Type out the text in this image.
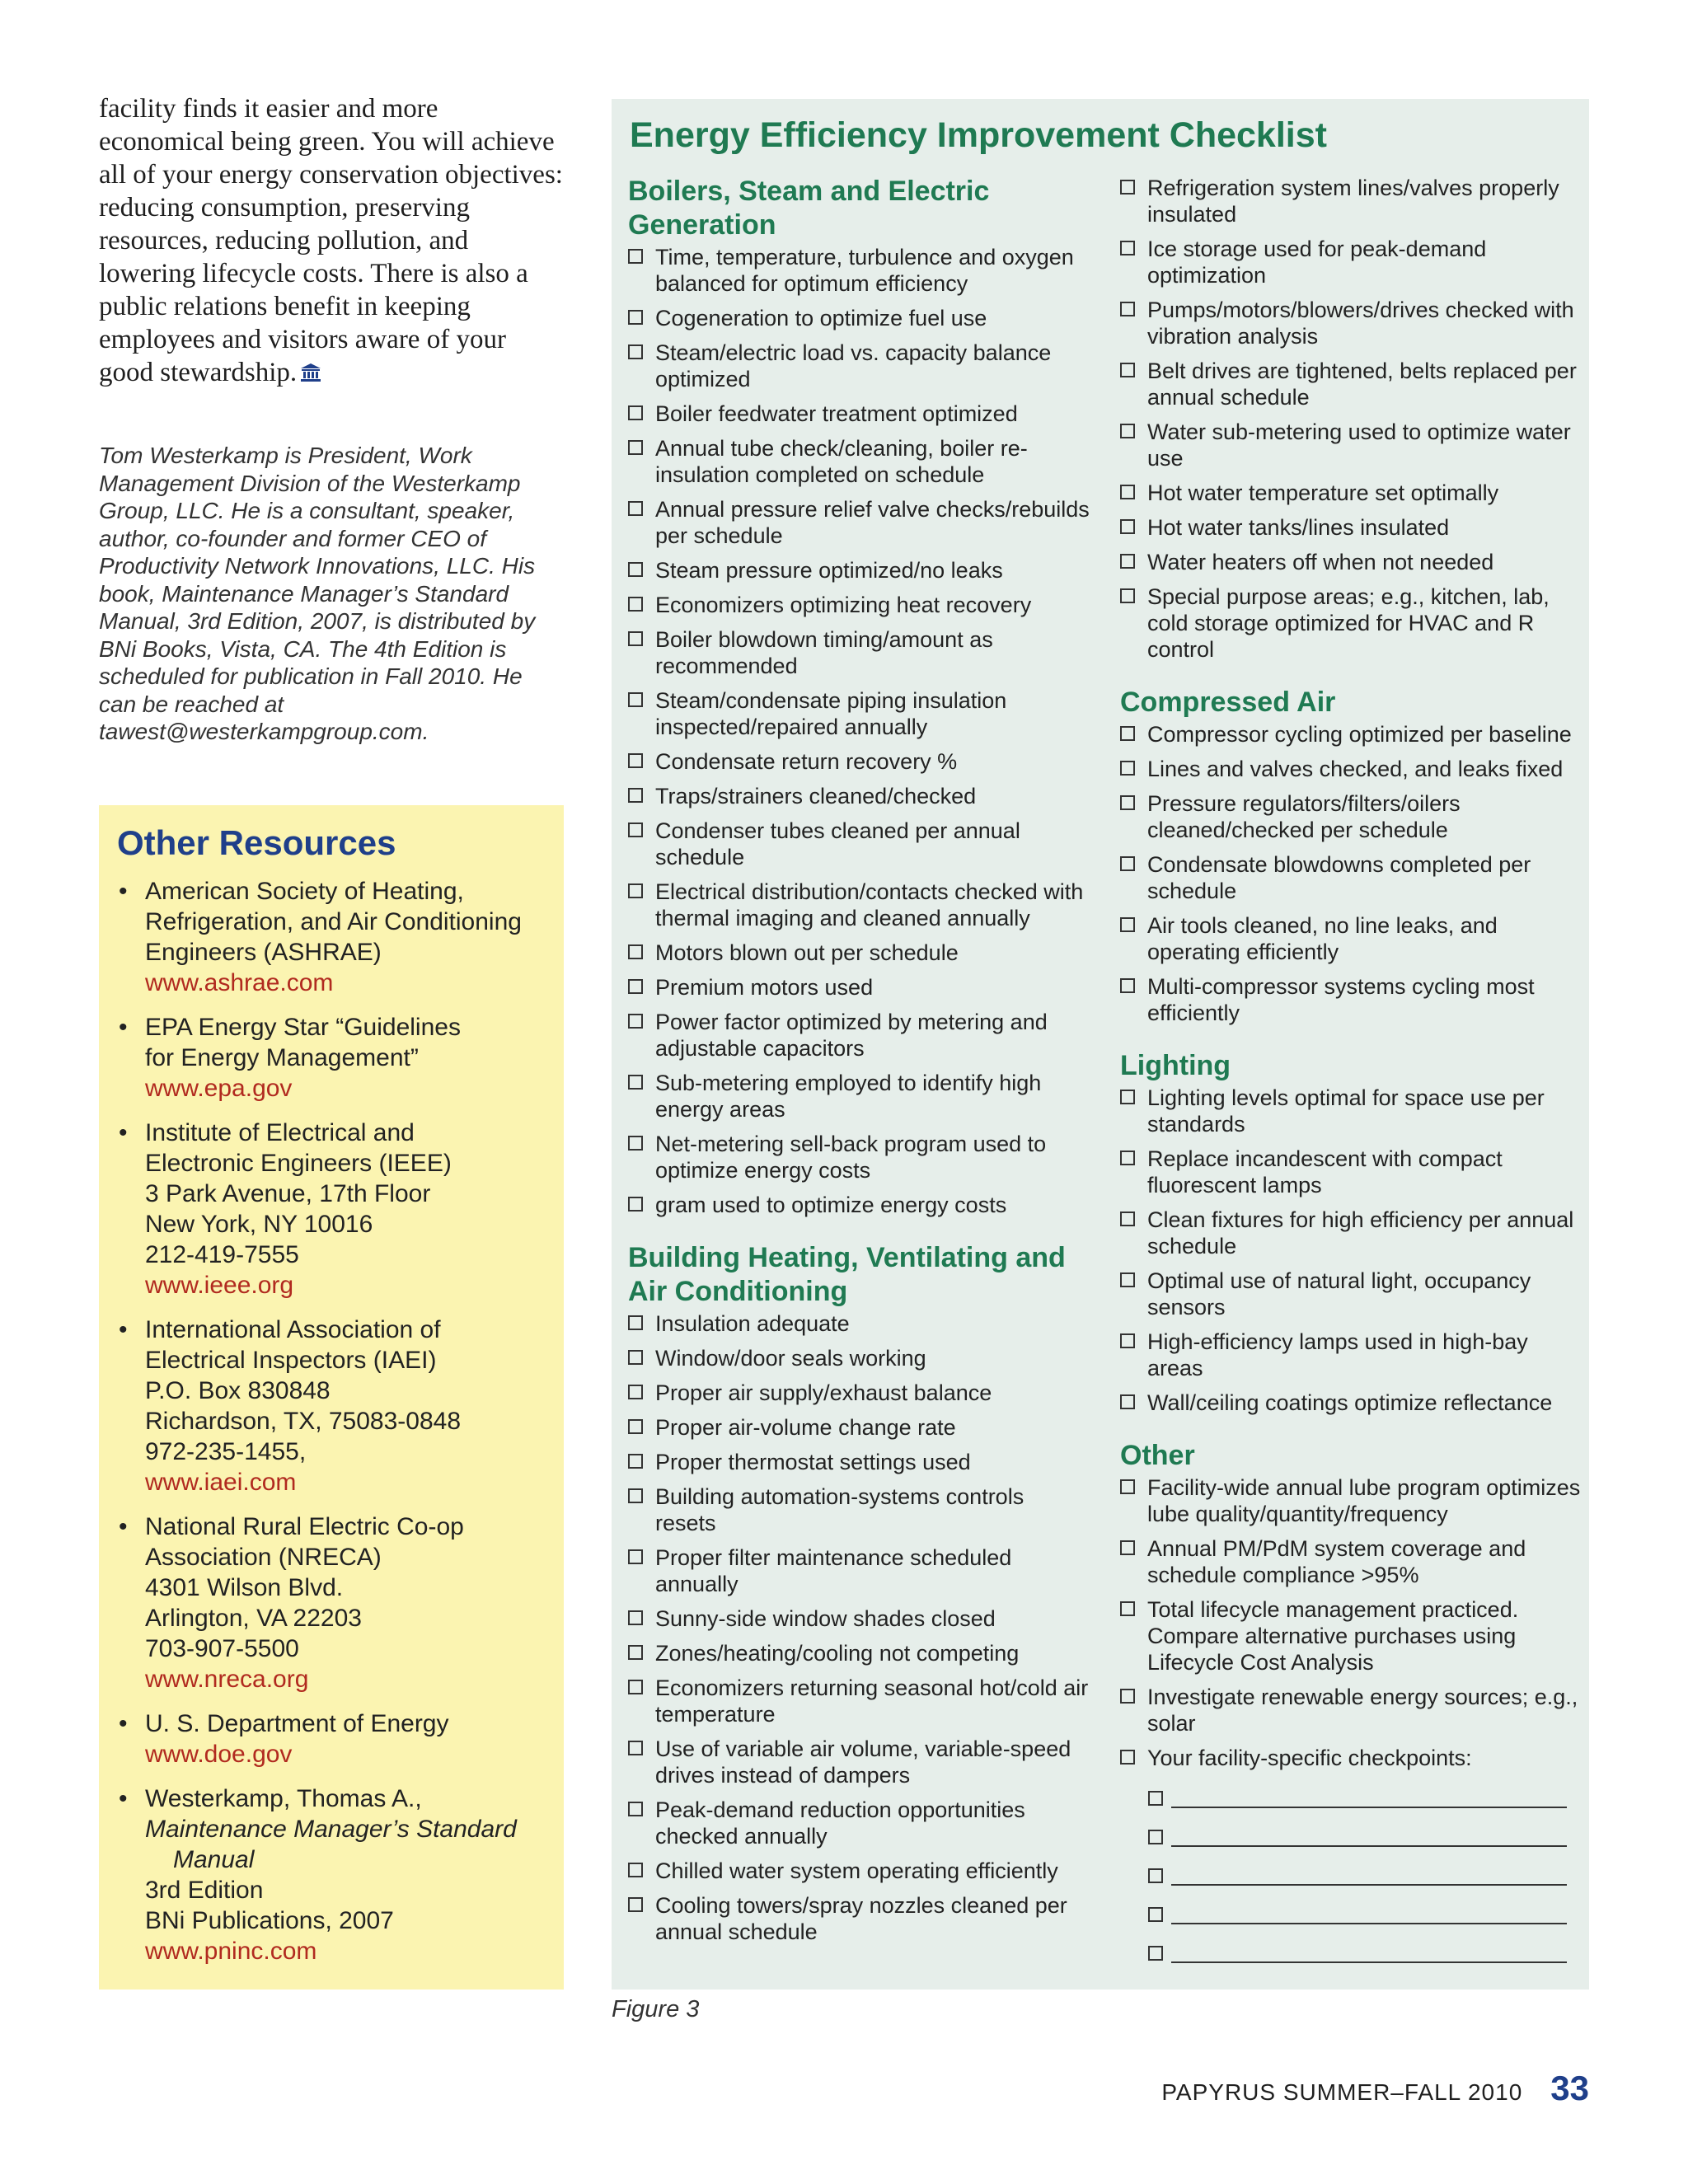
facility finds it easier and more economical being green. You will achieve all of your energy conservation objectives: reducing consumption, preserving resources, reducing pollution, and lowering lifecycle costs. There is also a public relations benefit in keeping employees and visitors aware of your good stewardship.

Tom Westerkamp is President, Work Management Division of the Westerkamp Group, LLC. He is a consultant, speaker, author, co-founder and former CEO of Productivity Network Innovations, LLC. His book, Maintenance Manager’s Standard Manual, 3rd Edition, 2007, is distributed by BNi Books, Vista, CA. The 4th Edition is scheduled for publication in Fall 2010. He can be reached at tawest@westerkampgroup.com.

Other Resources
• American Society of Heating,
Refrigeration, and Air Conditioning
Engineers (ASHRAE)
www.ashrae.com
• EPA Energy Star “Guidelines
for Energy Management”
www.epa.gov
• Institute of Electrical and
Electronic Engineers (IEEE)
3 Park Avenue, 17th Floor
New York, NY 10016
212-419-7555
www.ieee.org
• International Association of
Electrical Inspectors (IAEI)
P.O. Box 830848
Richardson, TX, 75083-0848
972-235-1455,
www.iaei.com
• National Rural Electric Co-op
Association (NRECA)
4301 Wilson Blvd.
Arlington, VA 22203
703-907-5500
www.nreca.org
• U. S. Department of Energy
www.doe.gov
• Westerkamp, Thomas A.,
Maintenance Manager’s Standard
Manual
3rd Edition
BNi Publications, 2007
www.pninc.com
Energy Efficiency Improvement Checklist
Boilers, Steam and Electric Generation
Time, temperature, turbulence and oxygen balanced for optimum efficiency
Cogeneration to optimize fuel use
Steam/electric load vs. capacity balance optimized
Boiler feedwater treatment optimized
Annual tube check/cleaning, boiler re-insulation completed on schedule
Annual pressure relief valve checks/rebuilds per schedule
Steam pressure optimized/no leaks
Economizers optimizing heat recovery
Boiler blowdown timing/amount as recommended
Steam/condensate piping insulation inspected/repaired annually
Condensate return recovery %
Traps/strainers cleaned/checked
Condenser tubes cleaned per annual schedule
Electrical distribution/contacts checked with thermal imaging and cleaned annually
Motors blown out per schedule
Premium motors used
Power factor optimized by metering and adjustable capacitors
Sub-metering employed to identify high energy areas
Net-metering sell-back program used to optimize energy costs
gram used to optimize energy costs
Building Heating, Ventilating and Air Conditioning
Insulation adequate
Window/door seals working
Proper air supply/exhaust balance
Proper air-volume change rate
Proper thermostat settings used
Building automation-systems controls resets
Proper filter maintenance scheduled annually
Sunny-side window shades closed
Zones/heating/cooling not competing
Economizers returning seasonal hot/cold air temperature
Use of variable air volume, variable-speed drives instead of dampers
Peak-demand reduction opportunities checked annually
Chilled water system operating efficiently
Cooling towers/spray nozzles cleaned per annual schedule
Refrigeration system lines/valves properly insulated
Ice storage used for peak-demand optimization
Pumps/motors/blowers/drives checked with vibration analysis
Belt drives are tightened, belts replaced per annual schedule
Water sub-metering used to optimize water use
Hot water temperature set optimally
Hot water tanks/lines insulated
Water heaters off when not needed
Special purpose areas; e.g., kitchen, lab, cold storage optimized for HVAC and R control
Compressed Air
Compressor cycling optimized per baseline
Lines and valves checked, and leaks fixed
Pressure regulators/filters/oilers cleaned/checked per schedule
Condensate blowdowns completed per schedule
Air tools cleaned, no line leaks, and operating efficiently
Multi-compressor systems cycling most efficiently
Lighting
Lighting levels optimal for space use per standards
Replace incandescent with compact fluorescent lamps
Clean fixtures for high efficiency per annual schedule
Optimal use of natural light, occupancy sensors
High-efficiency lamps used in high-bay areas
Wall/ceiling coatings optimize reflectance
Other
Facility-wide annual lube program optimizes lube quality/quantity/frequency
Annual PM/PdM system coverage and schedule compliance >95%
Total lifecycle management practiced. Compare alternative purchases using Lifecycle Cost Analysis
Investigate renewable energy sources; e.g., solar
Your facility-specific checkpoints:
Figure 3
PAPYRUS SUMMER–FALL 2010 33
